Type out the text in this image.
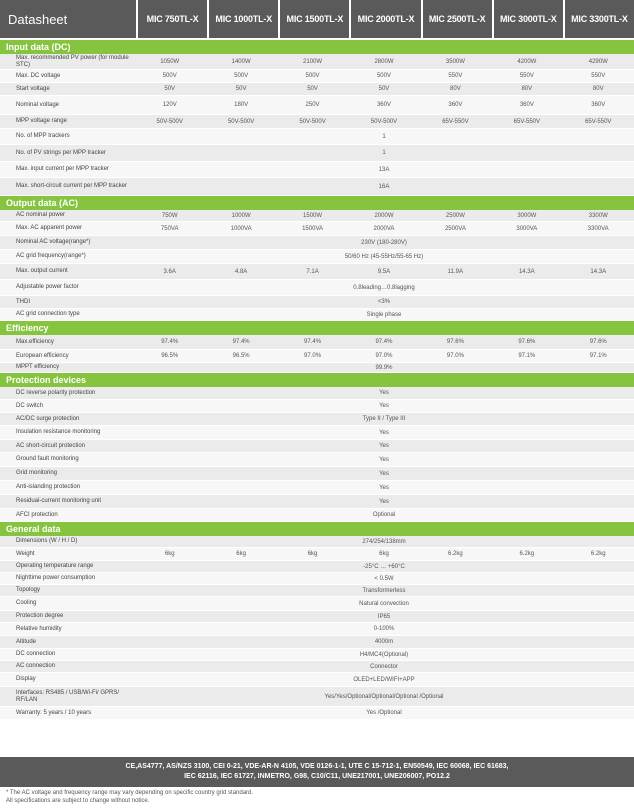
Datasheet	MIC 750TL-X	MIC 1000TL-X	MIC 1500TL-X	MIC 2000TL-X	MIC 2500TL-X	MIC 3000TL-X	MIC 3300TL-X
Input data (DC)
Max. recommended PV power (for module STC)	1050W	1400W	2100W	2800W	3500W	4200W	4290W
Max. DC voltage	500V	500V	500V	500V	550V	550V	550V
Start voltage	50V	50V	50V	50V	80V	80V	80V
Nominal voltage	120V	180V	250V	360V	360V	360V	360V
MPP voltage range	50V-500V	50V-500V	50V-500V	50V-500V	65V-550V	65V-550V	65V-550V
No. of MPP trackers	1
No. of PV strings per MPP tracker	1
Max. input current per MPP tracker	13A
Max. short-circuit current per MPP tracker	16A
Output data (AC)
AC nominal power	750W	1000W	1500W	2000W	2500W	3000W	3300W
Max. AC apparent power	750VA	1000VA	1500VA	2000VA	2500VA	3000VA	3300VA
Nominal AC voltage(range*)	230V (180-280V)
AC grid frequency(range*)	50/60 Hz (45-55Hz/55-65 Hz)
Max. output current	3.6A	4.8A	7.1A	9.5A	11.9A	14.3A	14.3A
Adjustable power factor	0.8leading…0.8lagging
THDI	<3%
AC grid connection type	Single phase
Efficiency
Max.efficiency	97.4%	97.4%	97.4%	97.4%	97.6%	97.6%	97.6%
European efficiency	96.5%	96.5%	97.0%	97.0%	97.0%	97.1%	97.1%
MPPT efficiency	99.9%
Protection devices
DC reverse polarity protection	Yes
DC switch	Yes
AC/DC surge protection	Type II / Type III
Insulation resistance monitoring	Yes
AC short-circuit protection	Yes
Ground fault monitoring	Yes
Grid monitoring	Yes
Anti-islanding protection	Yes
Residual-current monitoring unit	Yes
AFCI protection	Optional
General data
Dimensions (W / H / D)	274/254/138mm
Weight	6kg	6kg	6kg	6kg	6.2kg	6.2kg	6.2kg
Operating temperature range	-25°C … +60°C
Nighttime power consumption	< 0.5W
Topology	Transformerless
Cooling	Natural convection
Protection degree	IP65
Relative humidity	0-100%
Altitude	4000m
DC connection	H4/MC4(Optional)
AC connection	Connector
Display	OLED+LED/WIFI+APP
Interfaces: RS485 / USB/Wi-Fi/ GPRS/ RF/LAN	Yes/Yes/Optional/Optional/Optional /Optional
Warranty: 5 years / 10 years	Yes /Optional
CE,AS4777, AS/NZS 3100, CEI 0-21, VDE-AR-N 4105, VDE 0126-1-1, UTE C 15-712-1, EN50549, IEC 60068, IEC 61683,
IEC 62116, IEC 61727, INMETRO, G98, C10/C11, UNE217001, UNE206007, PO12.2
* The AC voltage and frequency range may vary depending on specific country grid standard.
All specifications are subject to change without notice.
